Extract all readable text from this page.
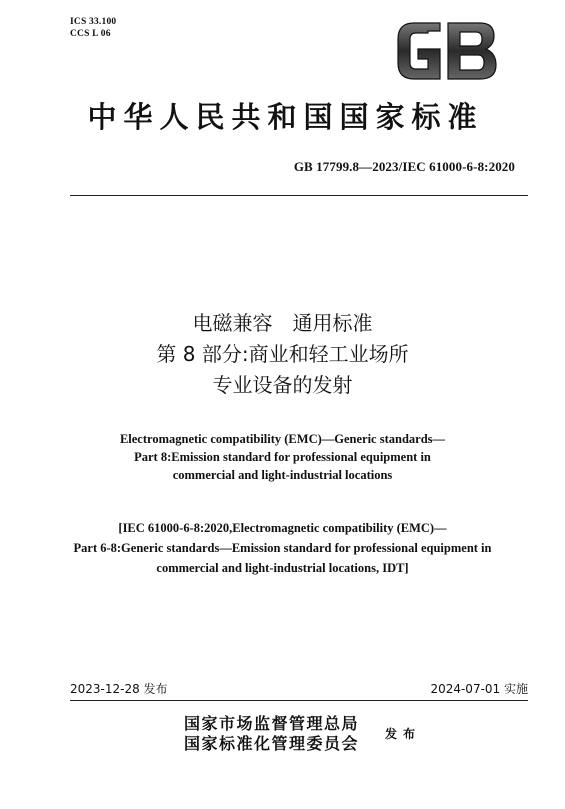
ICS 33.100
CCS L 06
GB
中华人民共和国国家标准
GB 17799.8—2023/IEC 61000-6-8:2020
电磁兼容　通用标准
第 8 部分:商业和轻工业场所
专业设备的发射
Electromagnetic compatibility (EMC)—Generic standards—
Part 8:Emission standard for professional equipment in
commercial and light-industrial locations
[IEC 61000-6-8:2020,Electromagnetic compatibility (EMC)—
Part 6-8:Generic standards—Emission standard for professional equipment in
commercial and light-industrial locations, IDT]
2023-12-28 发布	2024-07-01 实施
国家市场监督管理总局
国家标准化管理委员会 发布
